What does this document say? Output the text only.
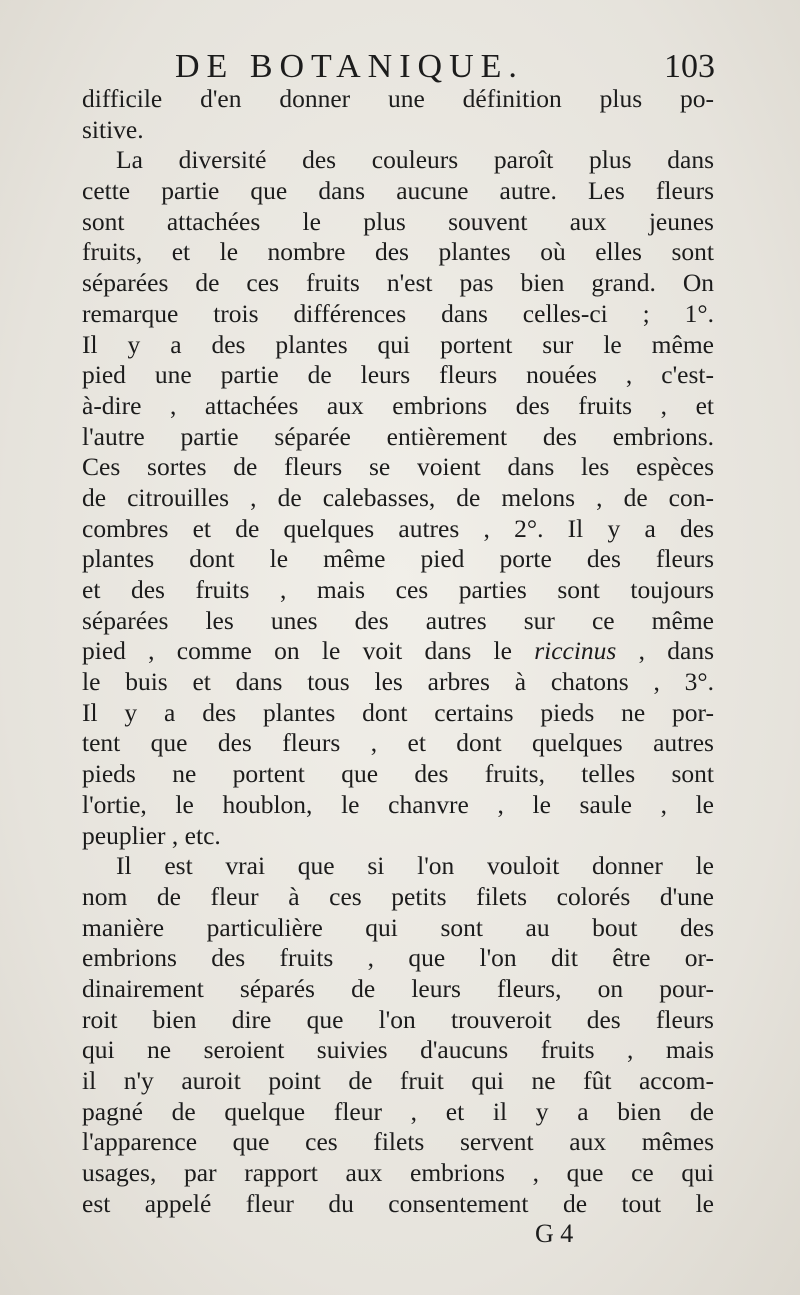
DE BOTANIQUE.	103
difficile d'en donner une définition plus po-
sitive.
La diversité des couleurs paroît plus dans
cette partie que dans aucune autre. Les fleurs
sont attachées le plus souvent aux jeunes
fruits, et le nombre des plantes où elles sont
séparées de ces fruits n'est pas bien grand. On
remarque trois différences dans celles-ci ; 1°.
Il y a des plantes qui portent sur le même
pied une partie de leurs fleurs nouées , c'est-
à-dire , attachées aux embrions des fruits , et
l'autre partie séparée entièrement des embrions.
Ces sortes de fleurs se voient dans les espèces
de citrouilles , de calebasses, de melons , de con-
combres et de quelques autres , 2°. Il y a des
plantes dont le même pied porte des fleurs
et des fruits , mais ces parties sont toujours
séparées les unes des autres sur ce même
pied , comme on le voit dans le riccinus , dans
le buis et dans tous les arbres à chatons , 3°.
Il y a des plantes dont certains pieds ne por-
tent que des fleurs , et dont quelques autres
pieds ne portent que des fruits, telles sont
l'ortie, le houblon, le chanvre , le saule , le
peuplier , etc.
Il est vrai que si l'on vouloit donner le
nom de fleur à ces petits filets colorés d'une
manière particulière qui sont au bout des
embrions des fruits , que l'on dit être or-
dinairement séparés de leurs fleurs, on pour-
roit bien dire que l'on trouveroit des fleurs
qui ne seroient suivies d'aucuns fruits , mais
il n'y auroit point de fruit qui ne fût accom-
pagné de quelque fleur , et il y a bien de
l'apparence que ces filets servent aux mêmes
usages, par rapport aux embrions , que ce qui
est appelé fleur du consentement de tout le
G 4
